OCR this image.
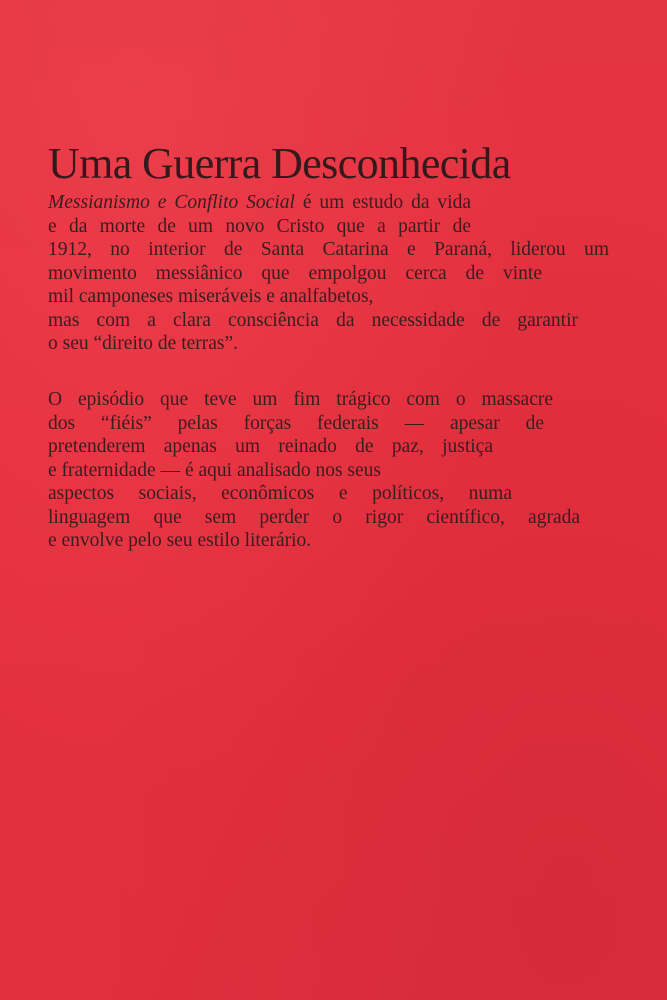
Uma Guerra Desconhecida
Messianismo e Conflito Social é um estudo da vida
e da morte de um novo Cristo que a partir de
1912, no interior de Santa Catarina e Paraná, liderou um
movimento messiânico que empolgou cerca de vinte
mil camponeses miseráveis e analfabetos,
mas com a clara consciência da necessidade de garantir
o seu “direito de terras”.
O episódio que teve um fim trágico com o massacre
dos “fiéis” pelas forças federais — apesar de
pretenderem apenas um reinado de paz, justiça
e fraternidade — é aqui analisado nos seus
aspectos sociais, econômicos e políticos, numa
linguagem que sem perder o rigor científico, agrada
e envolve pelo seu estilo literário.
